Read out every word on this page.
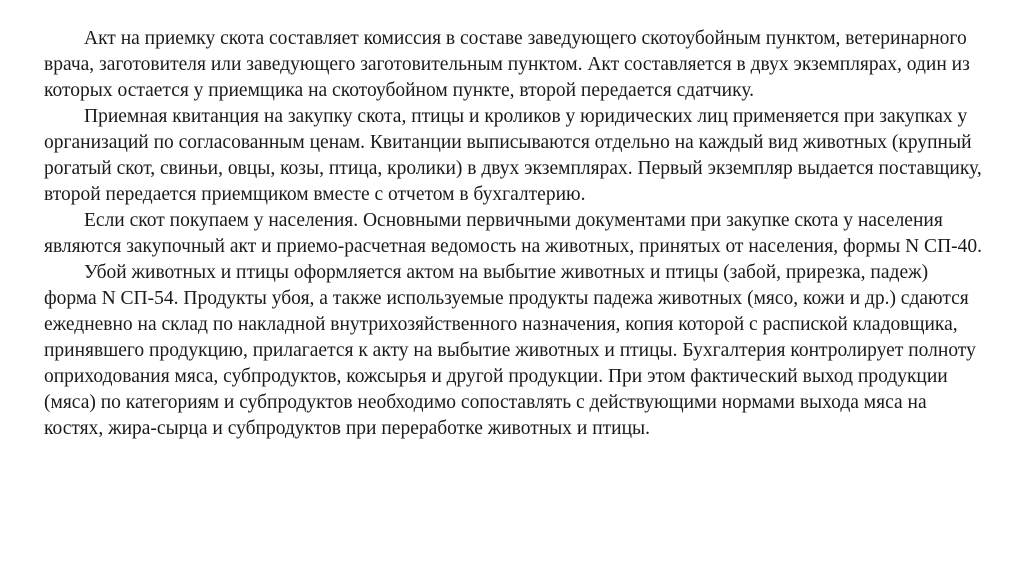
Акт на приемку скота составляет комиссия в составе заведующего скотоубойным пунктом, ветеринарного врача, заготовителя или заведующего заготовительным пунктом. Акт составляется в двух экземплярах, один из которых остается у приемщика на скотоубойном пункте, второй передается сдатчику.

Приемная квитанция на закупку скота, птицы и кроликов у юридических лиц применяется при закупках у организаций по согласованным ценам. Квитанции выписываются отдельно на каждый вид животных (крупный рогатый скот, свиньи, овцы, козы, птица, кролики) в двух экземплярах. Первый экземпляр выдается поставщику, второй передается приемщиком вместе с отчетом в бухгалтерию.

Если скот покупаем у населения. Основными первичными документами при закупке скота у населения являются закупочный акт и приемо-расчетная ведомость на животных, принятых от населения, формы N СП-40.

Убой животных и птицы оформляется актом на выбытие животных и птицы (забой, прирезка, падеж) форма N СП-54. Продукты убоя, а также используемые продукты падежа животных (мясо, кожи и др.) сдаются ежедневно на склад по накладной внутрихозяйственного назначения, копия которой с распиской кладовщика, принявшего продукцию, прилагается к акту на выбытие животных и птицы. Бухгалтерия контролирует полноту оприходования мяса, субпродуктов, кожсырья и другой продукции. При этом фактический выход продукции (мяса) по категориям и субпродуктов необходимо сопоставлять с действующими нормами выхода мяса на костях, жира-сырца и субпродуктов при переработке животных и птицы.
